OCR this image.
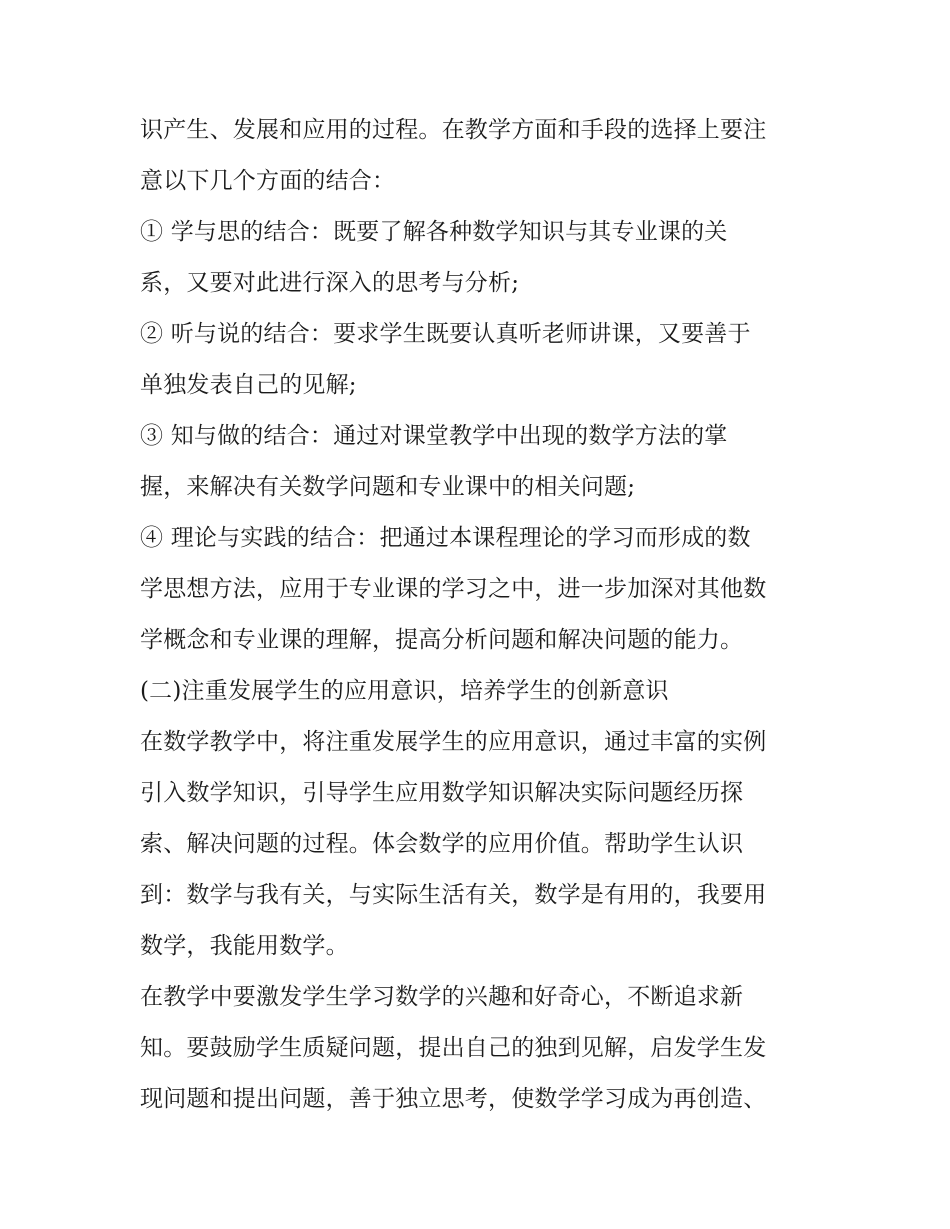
识产生、发展和应用的过程。在教学方面和手段的选择上要注
意以下几个方面的结合：
① 学与思的结合：既要了解各种数学知识与其专业课的关
系，又要对此进行深入的思考与分析;
② 听与说的结合：要求学生既要认真听老师讲课，又要善于
单独发表自己的见解;
③ 知与做的结合：通过对课堂教学中出现的数学方法的掌
握，来解决有关数学问题和专业课中的相关问题;
④ 理论与实践的结合：把通过本课程理论的学习而形成的数
学思想方法，应用于专业课的学习之中，进一步加深对其他数
学概念和专业课的理解，提高分析问题和解决问题的能力。
(二)注重发展学生的应用意识，培养学生的创新意识
在数学教学中，将注重发展学生的应用意识，通过丰富的实例
引入数学知识，引导学生应用数学知识解决实际问题经历探
索、解决问题的过程。体会数学的应用价值。帮助学生认识
到：数学与我有关，与实际生活有关，数学是有用的，我要用
数学，我能用数学。
在教学中要激发学生学习数学的兴趣和好奇心，不断追求新
知。要鼓励学生质疑问题，提出自己的独到见解，启发学生发
现问题和提出问题，善于独立思考，使数学学习成为再创造、
